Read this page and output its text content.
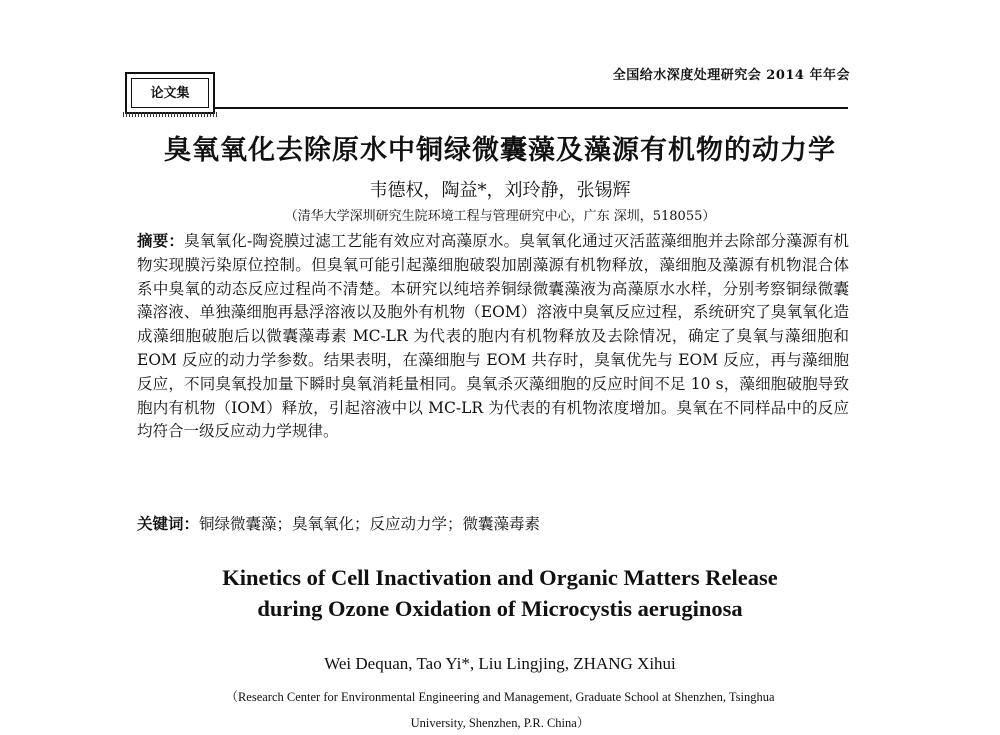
全国给水深度处理研究会 2014 年年会
论文集
臭氧氧化去除原水中铜绿微囊藻及藻源有机物的动力学
韦德权，陶益*，刘玲静，张锡辉
（清华大学深圳研究生院环境工程与管理研究中心，广东 深圳，518055）
摘要：臭氧氧化-陶瓷膜过滤工艺能有效应对高藻原水。臭氧氧化通过灭活蓝藻细胞并去除部分藻源有机物实现膜污染原位控制。但臭氧可能引起藻细胞破裂加剧藻源有机物释放，藻细胞及藻源有机物混合体系中臭氧的动态反应过程尚不清楚。本研究以纯培养铜绿微囊藻液为高藻原水水样，分别考察铜绿微囊藻溶液、单独藻细胞再悬浮溶液以及胞外有机物（EOM）溶液中臭氧反应过程，系统研究了臭氧氧化造成藻细胞破胞后以微囊藻毒素 MC-LR 为代表的胞内有机物释放及去除情况，确定了臭氧与藻细胞和 EOM 反应的动力学参数。结果表明，在藻细胞与 EOM 共存时，臭氧优先与 EOM 反应，再与藻细胞反应，不同臭氧投加量下瞬时臭氧消耗量相同。臭氧杀灭藻细胞的反应时间不足 10 s，藻细胞破胞导致胞内有机物（IOM）释放，引起溶液中以 MC-LR 为代表的有机物浓度增加。臭氧在不同样品中的反应均符合一级反应动力学规律。
关键词：铜绿微囊藻；臭氧氧化；反应动力学；微囊藻毒素
Kinetics of Cell Inactivation and Organic Matters Release
during Ozone Oxidation of Microcystis aeruginosa
Wei Dequan, Tao Yi*, Liu Lingjing, ZHANG Xihui
（Research Center for Environmental Engineering and Management, Graduate School at Shenzhen, Tsinghua
University, Shenzhen, P.R. China）
